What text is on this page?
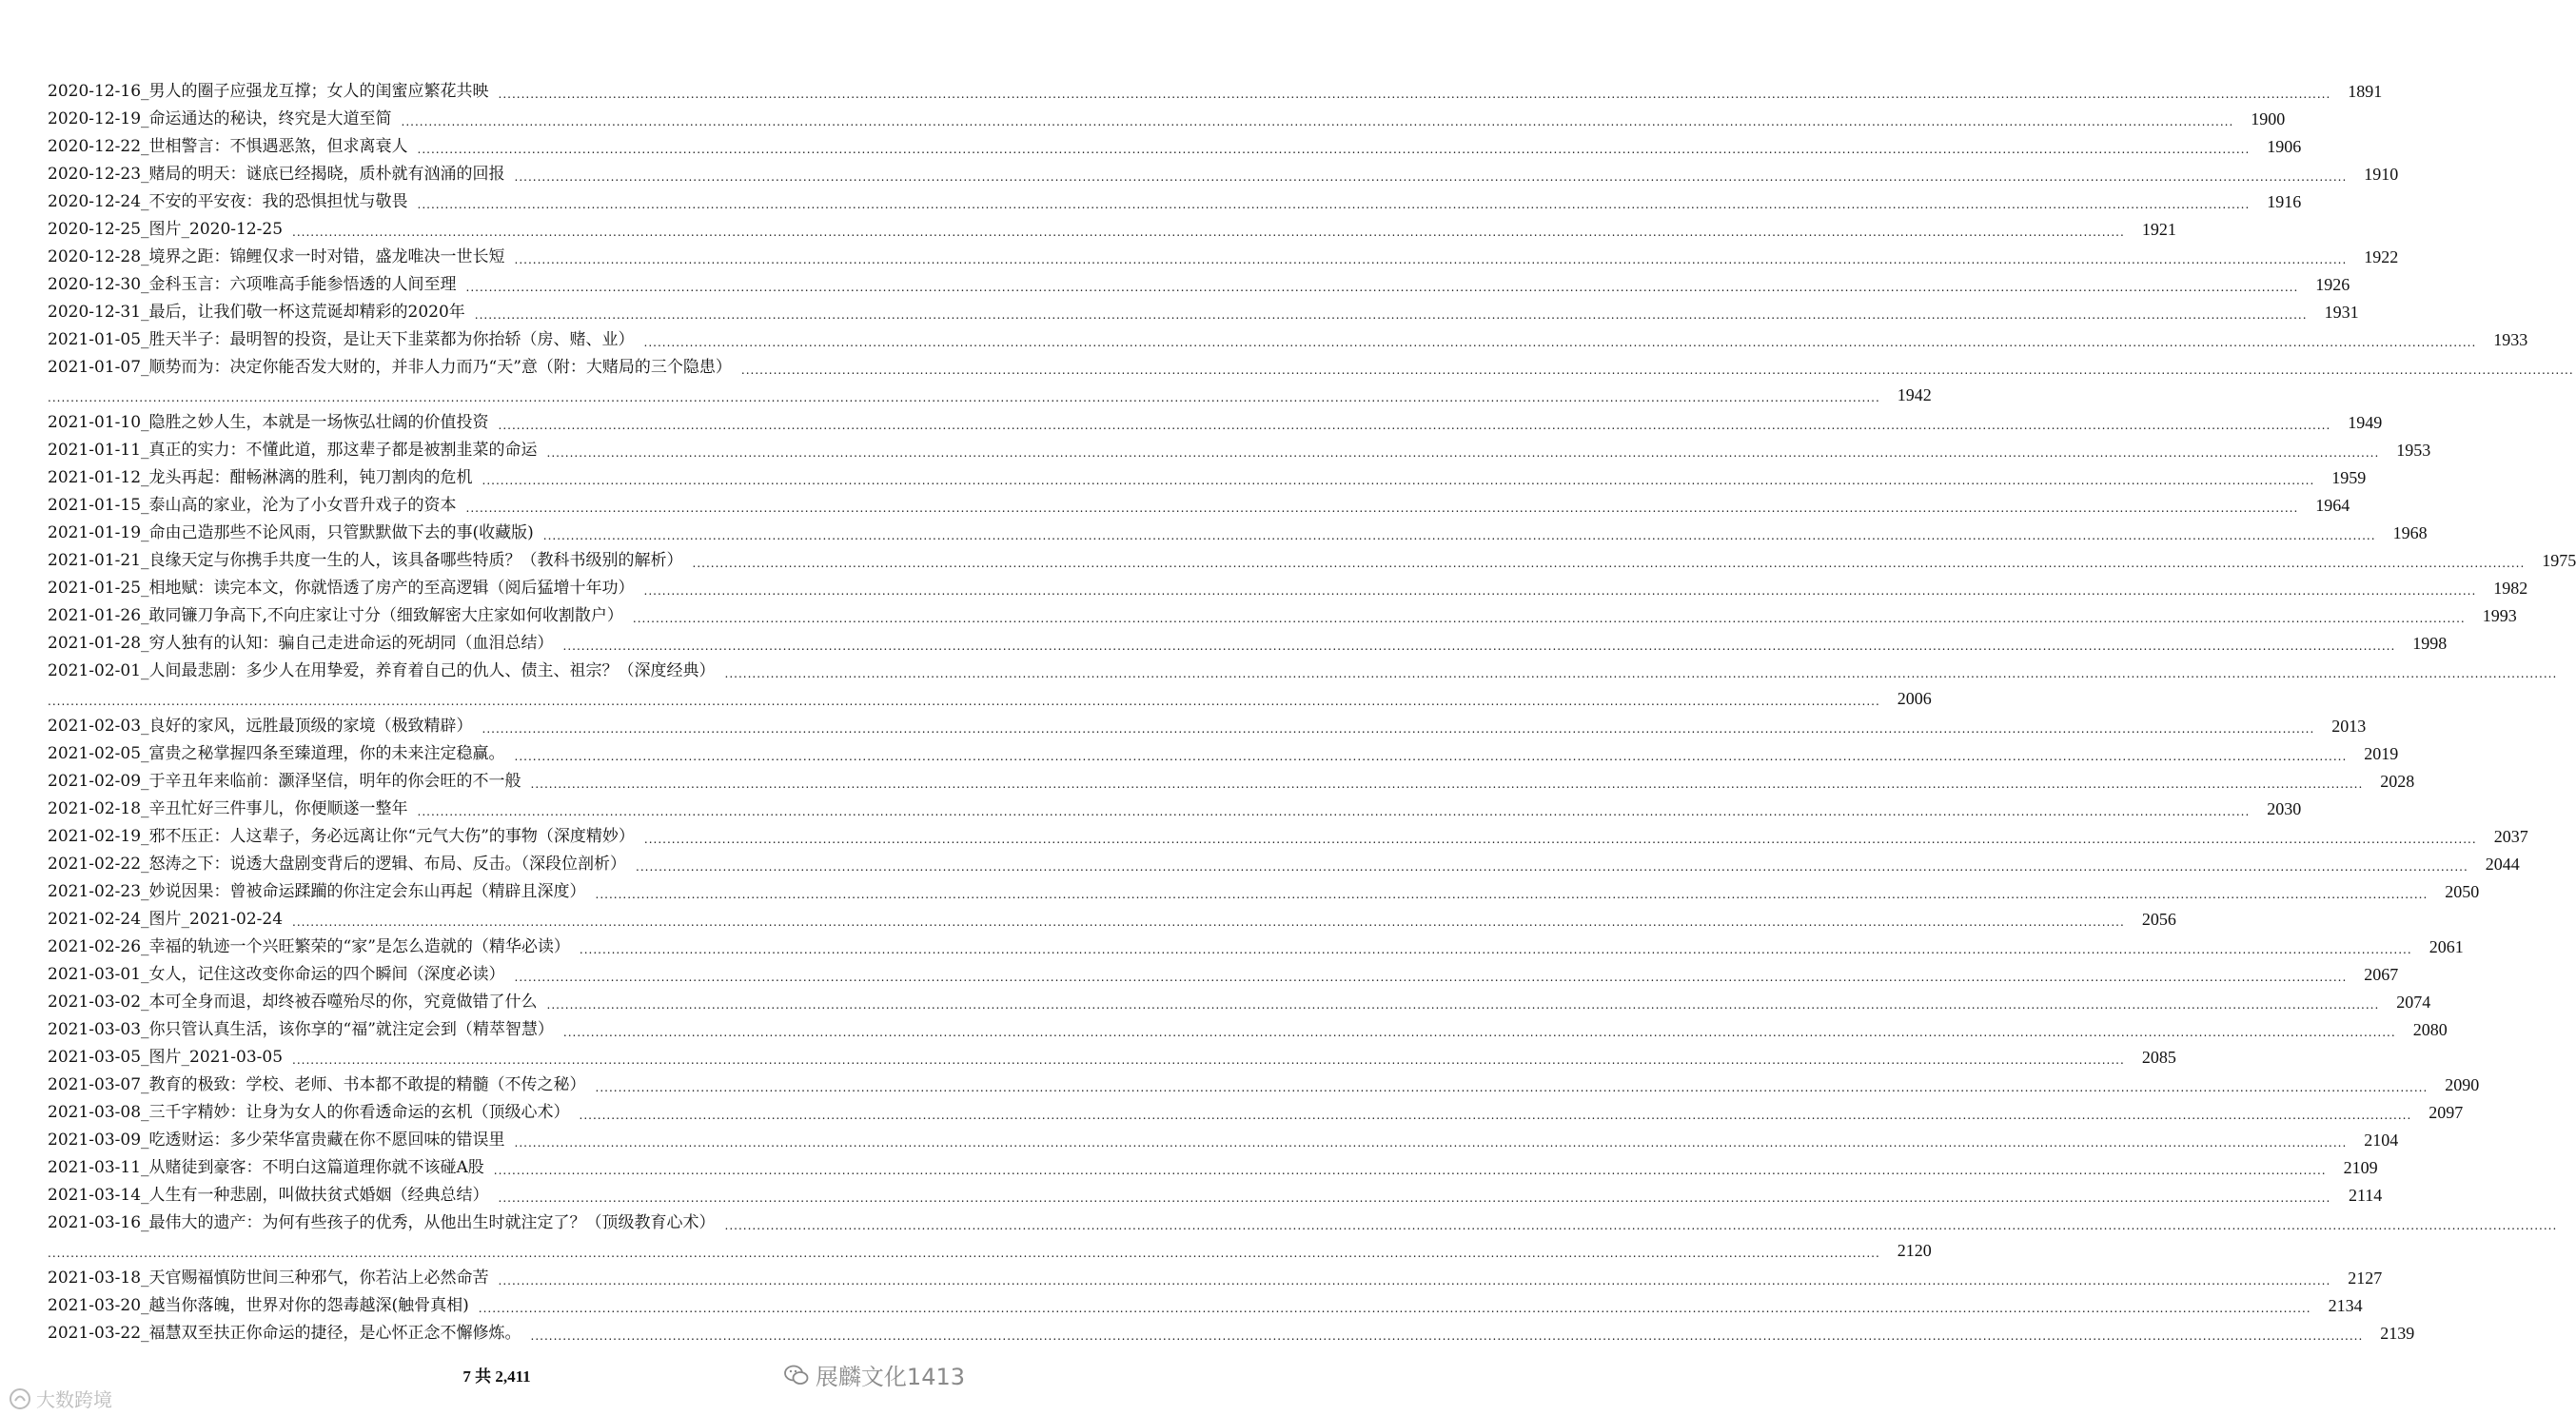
2020-12-16_男人的圈子应强龙互撑；女人的闺蜜应繁花共映 ................................................................................................................................................................................................................................................................................................................................................................................................................	1891
2020-12-19_命运通达的秘诀，终究是大道至简 ................................................................................................................................................................................................................................................................................................................................................................................................................	1900
2020-12-22_世相警言：不惧遇恶煞，但求离衰人 ................................................................................................................................................................................................................................................................................................................................................................................................................	1906
2020-12-23_赌局的明天：谜底已经揭晓，质朴就有汹涌的回报 ................................................................................................................................................................................................................................................................................................................................................................................................................	1910
2020-12-24_不安的平安夜：我的恐惧担忧与敬畏 ................................................................................................................................................................................................................................................................................................................................................................................................................	1916
2020-12-25_图片_2020-12-25 ................................................................................................................................................................................................................................................................................................................................................................................................................	1921
2020-12-28_境界之距：锦鲤仅求一时对错，盛龙唯决一世长短 ................................................................................................................................................................................................................................................................................................................................................................................................................	1922
2020-12-30_金科玉言：六项唯高手能参悟透的人间至理 ................................................................................................................................................................................................................................................................................................................................................................................................................	1926
2020-12-31_最后，让我们敬一杯这荒诞却精彩的2020年 ................................................................................................................................................................................................................................................................................................................................................................................................................	1931
2021-01-05_胜天半子：最明智的投资，是让天下韭菜都为你抬轿（房、赌、业） ................................................................................................................................................................................................................................................................................................................................................................................................................	1933
2021-01-07_顺势而为：决定你能否发大财的，并非人力而乃“天”意（附：大赌局的三个隐患） ................................................................................................................................................................................................................................................................................................................................................................................................................
................................................................................................................................................................................................................................................................................................................................................................................................................	1942
2021-01-10_隐胜之妙人生，本就是一场恢弘壮阔的价值投资 ................................................................................................................................................................................................................................................................................................................................................................................................................	1949
2021-01-11_真正的实力：不懂此道，那这辈子都是被割韭菜的命运 ................................................................................................................................................................................................................................................................................................................................................................................................................	1953
2021-01-12_龙头再起：酣畅淋漓的胜利，钝刀割肉的危机 ................................................................................................................................................................................................................................................................................................................................................................................................................	1959
2021-01-15_泰山高的家业，沦为了小女晋升戏子的资本 ................................................................................................................................................................................................................................................................................................................................................................................................................	1964
2021-01-19_命由己造那些不论风雨，只管默默做下去的事(收藏版) ................................................................................................................................................................................................................................................................................................................................................................................................................	1968
2021-01-21_良缘天定与你携手共度一生的人，该具备哪些特质？（教科书级别的解析） ................................................................................................................................................................................................................................................................................................................................................................................................................	1975
2021-01-25_相地赋：读完本文，你就悟透了房产的至高逻辑（阅后猛增十年功） ................................................................................................................................................................................................................................................................................................................................................................................................................	1982
2021-01-26_敢同镰刀争高下,不向庄家让寸分（细致解密大庄家如何收割散户） ................................................................................................................................................................................................................................................................................................................................................................................................................	1993
2021-01-28_穷人独有的认知：骗自己走进命运的死胡同（血泪总结） ................................................................................................................................................................................................................................................................................................................................................................................................................	1998
2021-02-01_人间最悲剧：多少人在用挚爱，养育着自己的仇人、债主、祖宗？（深度经典） ................................................................................................................................................................................................................................................................................................................................................................................................................
................................................................................................................................................................................................................................................................................................................................................................................................................	2006
2021-02-03_良好的家风，远胜最顶级的家境（极致精辟） ................................................................................................................................................................................................................................................................................................................................................................................................................	2013
2021-02-05_富贵之秘掌握四条至臻道理，你的未来注定稳赢。 ................................................................................................................................................................................................................................................................................................................................................................................................................	2019
2021-02-09_于辛丑年来临前：灏泽坚信，明年的你会旺的不一般 ................................................................................................................................................................................................................................................................................................................................................................................................................	2028
2021-02-18_辛丑忙好三件事儿，你便顺遂一整年 ................................................................................................................................................................................................................................................................................................................................................................................................................	2030
2021-02-19_邪不压正：人这辈子，务必远离让你“元气大伤”的事物（深度精妙） ................................................................................................................................................................................................................................................................................................................................................................................................................	2037
2021-02-22_怒涛之下：说透大盘剧变背后的逻辑、布局、反击。（深段位剖析） ................................................................................................................................................................................................................................................................................................................................................................................................................	2044
2021-02-23_妙说因果：曾被命运蹂躏的你注定会东山再起（精辟且深度） ................................................................................................................................................................................................................................................................................................................................................................................................................	2050
2021-02-24_图片_2021-02-24 ................................................................................................................................................................................................................................................................................................................................................................................................................	2056
2021-02-26_幸福的轨迹一个兴旺繁荣的“家”是怎么造就的（精华必读） ................................................................................................................................................................................................................................................................................................................................................................................................................	2061
2021-03-01_女人，记住这改变你命运的四个瞬间（深度必读） ................................................................................................................................................................................................................................................................................................................................................................................................................	2067
2021-03-02_本可全身而退，却终被吞噬殆尽的你，究竟做错了什么 ................................................................................................................................................................................................................................................................................................................................................................................................................	2074
2021-03-03_你只管认真生活，该你享的“福”就注定会到（精萃智慧） ................................................................................................................................................................................................................................................................................................................................................................................................................	2080
2021-03-05_图片_2021-03-05 ................................................................................................................................................................................................................................................................................................................................................................................................................	2085
2021-03-07_教育的极致：学校、老师、书本都不敢提的精髓（不传之秘） ................................................................................................................................................................................................................................................................................................................................................................................................................	2090
2021-03-08_三千字精妙：让身为女人的你看透命运的玄机（顶级心术） ................................................................................................................................................................................................................................................................................................................................................................................................................	2097
2021-03-09_吃透财运：多少荣华富贵藏在你不愿回味的错误里 ................................................................................................................................................................................................................................................................................................................................................................................................................	2104
2021-03-11_从赌徒到豪客：不明白这篇道理你就不该碰A股 ................................................................................................................................................................................................................................................................................................................................................................................................................	2109
2021-03-14_人生有一种悲剧，叫做扶贫式婚姻（经典总结） ................................................................................................................................................................................................................................................................................................................................................................................................................	2114
2021-03-16_最伟大的遗产：为何有些孩子的优秀，从他出生时就注定了？（顶级教育心术） ................................................................................................................................................................................................................................................................................................................................................................................................................
................................................................................................................................................................................................................................................................................................................................................................................................................	2120
2021-03-18_天官赐福慎防世间三种邪气，你若沾上必然命苦 ................................................................................................................................................................................................................................................................................................................................................................................................................	2127
2021-03-20_越当你落魄，世界对你的怨毒越深(触骨真相) ................................................................................................................................................................................................................................................................................................................................................................................................................	2134
2021-03-22_福慧双至扶正你命运的捷径，是心怀正念不懈修炼。 ................................................................................................................................................................................................................................................................................................................................................................................................................	2139
7 共 2,411
大数跨境
展麟文化1413
